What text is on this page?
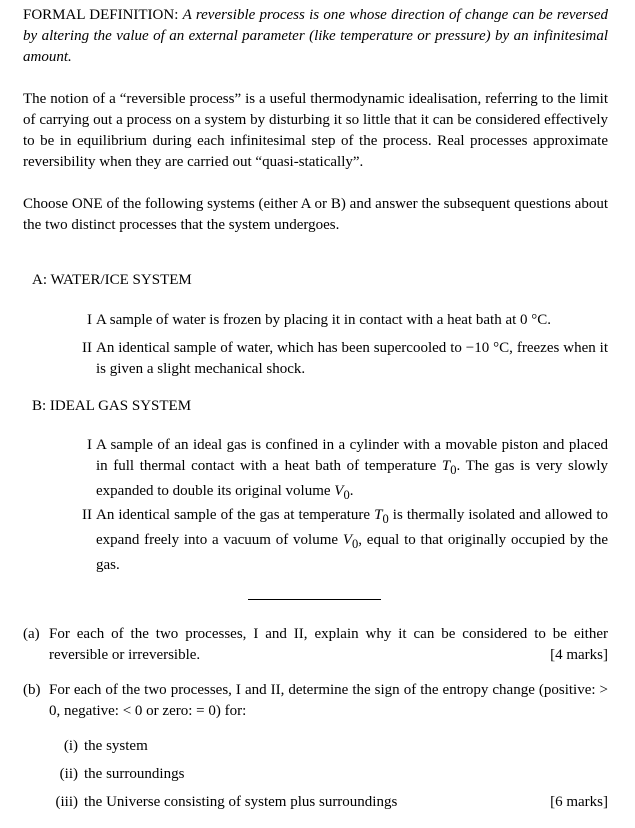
FORMAL DEFINITION: A reversible process is one whose direction of change can be reversed by altering the value of an external parameter (like temperature or pressure) by an infinitesimal amount.
The notion of a “reversible process” is a useful thermodynamic idealisation, referring to the limit of carrying out a process on a system by disturbing it so little that it can be considered effectively to be in equilibrium during each infinitesimal step of the process. Real processes approximate reversibility when they are carried out “quasi-statically”.
Choose ONE of the following systems (either A or B) and answer the subsequent questions about the two distinct processes that the system undergoes.
A: WATER/ICE SYSTEM
I A sample of water is frozen by placing it in contact with a heat bath at 0 °C.
II An identical sample of water, which has been supercooled to −10 °C, freezes when it is given a slight mechanical shock.
B: IDEAL GAS SYSTEM
I A sample of an ideal gas is confined in a cylinder with a movable piston and placed in full thermal contact with a heat bath of temperature $T_0$. The gas is very slowly expanded to double its original volume $V_0$.
II An identical sample of the gas at temperature $T_0$ is thermally isolated and allowed to expand freely into a vacuum of volume $V_0$, equal to that originally occupied by the gas.
(a) For each of the two processes, I and II, explain why it can be considered to be either reversible or irreversible.	[4 marks]
(b) For each of the two processes, I and II, determine the sign of the entropy change (positive: > 0, negative: < 0 or zero: = 0) for:
(i) the system
(ii) the surroundings
(iii) the Universe consisting of system plus surroundings	[6 marks]
